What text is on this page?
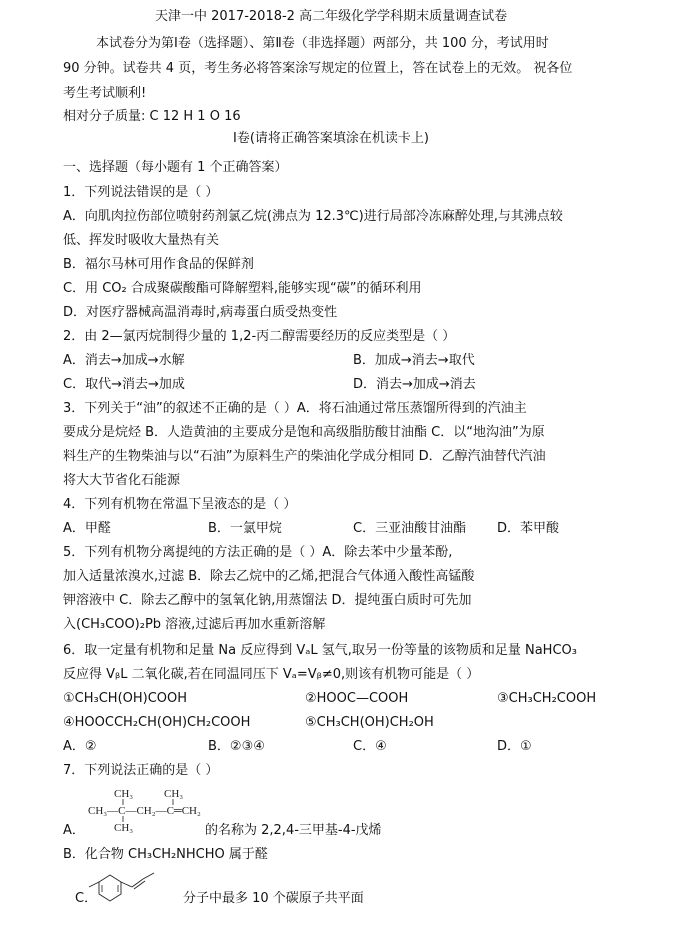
天津一中 2017-2018-2 高二年级化学学科期末质量调查试卷
本试卷分为第Ⅰ卷（选择题）、第Ⅱ卷（非选择题）两部分，共 100 分，考试用时
90 分钟。试卷共 4 页，考生务必将答案涂写规定的位置上，答在试卷上的无效。 祝各位
考生考试顺利!
相对分子质量: C 12 H 1 O 16
Ⅰ卷(请将正确答案填涂在机读卡上)
一、选择题（每小题有 1 个正确答案）
1．下列说法错误的是（ ）
A．向肌肉拉伤部位喷射药剂氯乙烷(沸点为 12.3℃)进行局部冷冻麻醉处理,与其沸点较
低、挥发时吸收大量热有关
B．福尔马林可用作食品的保鲜剂
C．用 CO₂ 合成聚碳酸酯可降解塑料,能够实现“碳”的循环利用
D．对医疗器械高温消毒时,病毒蛋白质受热变性
2．由 2—氯丙烷制得少量的 1,2-丙二醇需要经历的反应类型是（ ）
A．消去→加成→水解	B．加成→消去→取代
C．取代→消去→加成	D．消去→加成→消去
3．下列关于“油”的叙述不正确的是（ ）A．将石油通过常压蒸馏所得到的汽油主
要成分是烷烃 B．人造黄油的主要成分是饱和高级脂肪酸甘油酯 C．以“地沟油”为原
料生产的生物柴油与以“石油”为原料生产的柴油化学成分相同 D．乙醇汽油替代汽油
将大大节省化石能源
4．下列有机物在常温下呈液态的是（ ）
A．甲醛	B．一氯甲烷	C．三亚油酸甘油酯 D．苯甲酸
5．下列有机物分离提纯的方法正确的是（ ）A．除去苯中少量苯酚,
加入适量浓溴水,过滤 B．除去乙烷中的乙烯,把混合气体通入酸性高锰酸
钾溶液中 C．除去乙醇中的氢氧化钠,用蒸馏法 D．提纯蛋白质时可先加
入(CH₃COO)₂Pb 溶液,过滤后再加水重新溶解
6．取一定量有机物和足量 Na 反应得到 VₐL 氢气,取另一份等量的该物质和足量 NaHCO₃
反应得 VᵦL 二氧化碳,若在同温同压下 Vₐ=Vᵦ≠0,则该有机物可能是（ ）
①CH₃CH(OH)COOH	②HOOC—COOH	③CH₃CH₂COOH
④HOOCCH₂CH(OH)CH₂COOH	⑤CH₃CH(OH)CH₂OH
A．②	B．②③④	C．④	D．①
7．下列说法正确的是（ ）
CH₃	CH₃
CH₃—C—CH₂—C═CH₂
CH₃
A．	的名称为 2,2,4-三甲基-4-戊烯
B．化合物 CH₃CH₂NHCHO 属于醛
C．	分子中最多 10 个碳原子共平面
